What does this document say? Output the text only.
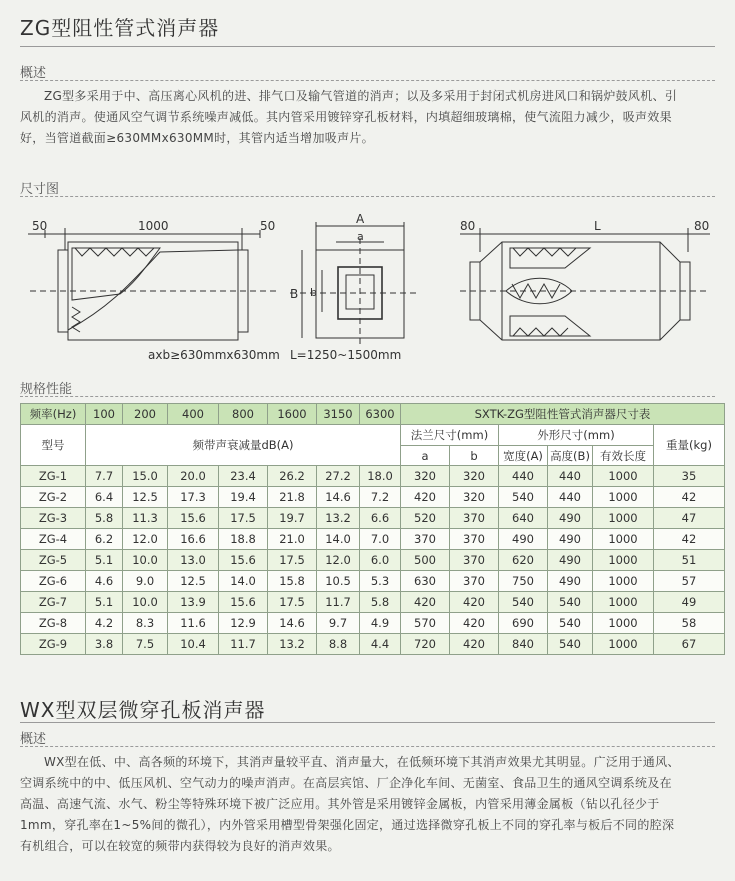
ZG型阻性管式消声器
概述
ZG型多采用于中、高压离心风机的进、排气口及输气管道的消声；以及多采用于封闭式机房进风口和锅炉鼓风机、引
风机的消声。使通风空气调节系统噪声减低。其内管采用镀锌穿孔板材料，内填超细玻璃棉，使气流阻力减少，吸声效果
好，当管道截面≥630MMx630MM时，其管内适当增加吸声片。
尺寸图
50	1000	50	A
a
B b
80	L	80
axb≥630mmx630mm L=1250~1500mm
规格性能
频率(Hz)	100	200	400	800	1600	3150	6300	SXTK-ZG型阻性管式消声器尺寸表					
型号	频带声衰减量dB(A)							法兰尺寸(mm)		外形尺寸(mm)			重量(kg)
								a	b	宽度(A)	高度(B)	有效长度	
ZG-1	7.7	15.0	20.0	23.4	26.2	27.2	18.0	320	320	440	440	1000	35
ZG-2	6.4	12.5	17.3	19.4	21.8	14.6	7.2	420	320	540	440	1000	42
ZG-3	5.8	11.3	15.6	17.5	19.7	13.2	6.6	520	370	640	490	1000	47
ZG-4	6.2	12.0	16.6	18.8	21.0	14.0	7.0	370	370	490	490	1000	42
ZG-5	5.1	10.0	13.0	15.6	17.5	12.0	6.0	500	370	620	490	1000	51
ZG-6	4.6	9.0	12.5	14.0	15.8	10.5	5.3	630	370	750	490	1000	57
ZG-7	5.1	10.0	13.9	15.6	17.5	11.7	5.8	420	420	540	540	1000	49
ZG-8	4.2	8.3	11.6	12.9	14.6	9.7	4.9	570	420	690	540	1000	58
ZG-9	3.8	7.5	10.4	11.7	13.2	8.8	4.4	720	420	840	540	1000	67
WX型双层微穿孔板消声器
概述
WX型在低、中、高各频的环境下，其消声量较平直、消声量大，在低频环境下其消声效果尤其明显。广泛用于通风、
空调系统中的中、低压风机、空气动力的噪声消声。在高层宾馆、厂企净化车间、无菌室、食品卫生的通风空调系统及在
高温、高速气流、水气、粉尘等特殊环境下被广泛应用。其外管是采用镀锌金属板，内管采用薄金属板（钻以孔径少于
1mm，穿孔率在1~5%间的微孔），内外管采用槽型骨架强化固定，通过选择微穿孔板上不同的穿孔率与板后不同的腔深
有机组合，可以在较宽的频带内获得较为良好的消声效果。
